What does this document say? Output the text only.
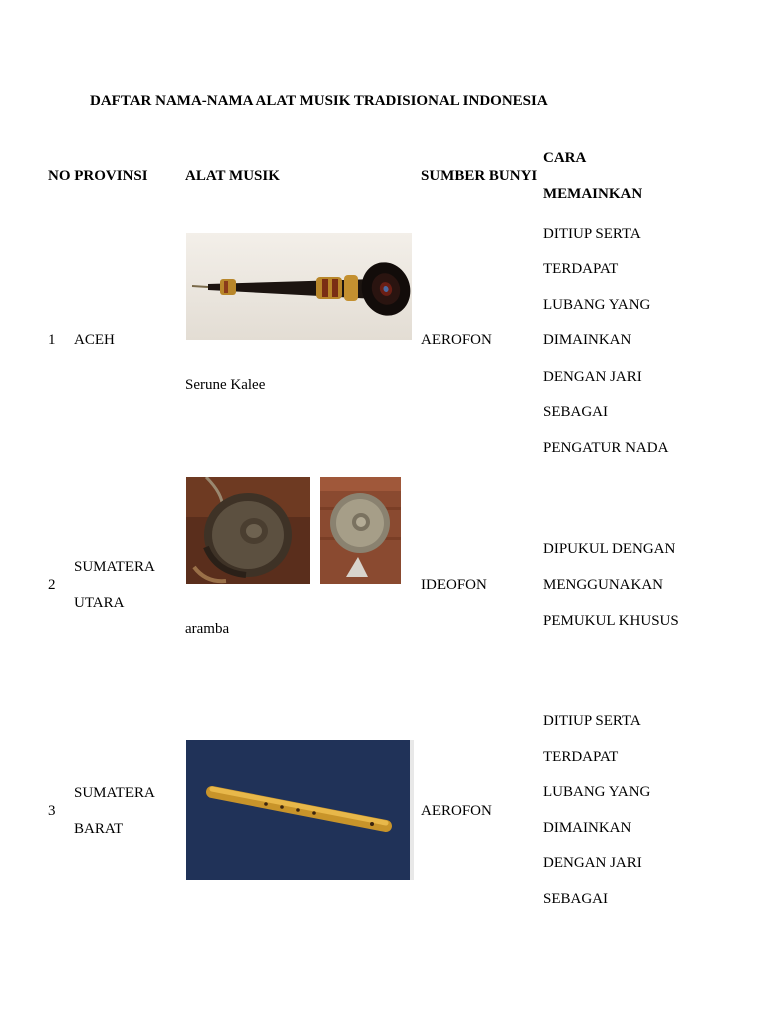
DAFTAR NAMA-NAMA ALAT MUSIK TRADISIONAL INDONESIA
NO PROVINSI ALAT MUSIK	SUMBER BUNYI
CARA
MEMAINKAN
1 ACEH
Serune Kalee
AEROFON
DITIUP SERTA
TERDAPAT
LUBANG YANG
DIMAINKAN
DENGAN JARI
SEBAGAI
PENGATUR NADA
2
SUMATERA
UTARA
aramba
IDEOFON
DIPUKUL DENGAN
MENGGUNAKAN
PEMUKUL KHUSUS
3
SUMATERA
BARAT
AEROFON
DITIUP SERTA
TERDAPAT
LUBANG YANG
DIMAINKAN
DENGAN JARI
SEBAGAI
